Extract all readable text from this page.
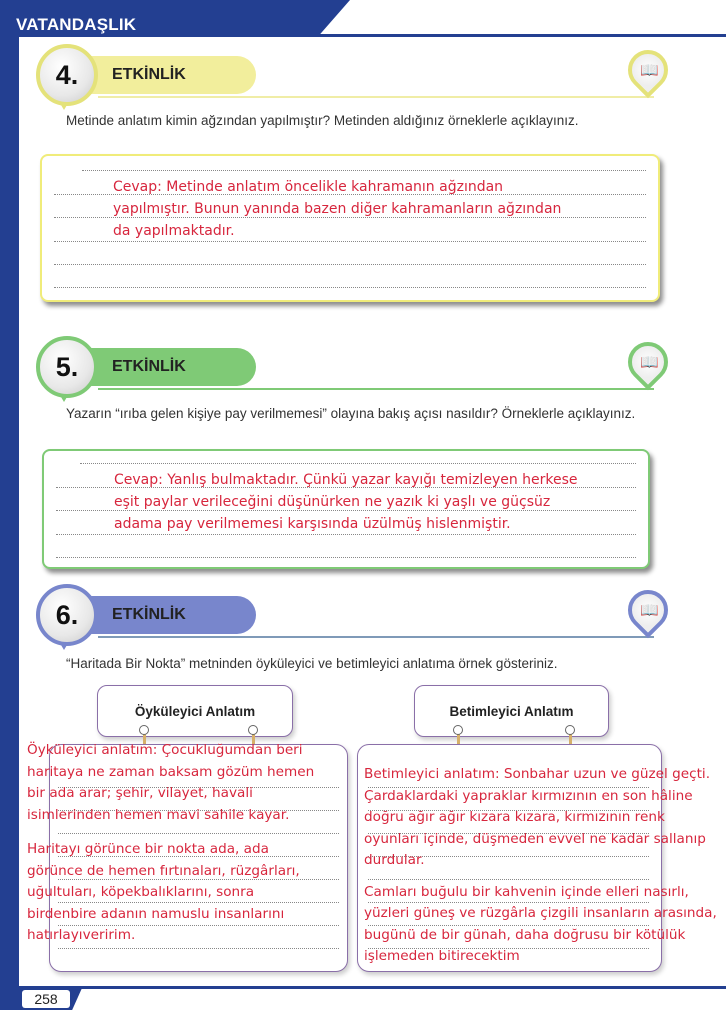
VATANDAŞLIK
ETKİNLİK
4.	📖
Metinde anlatım kimin ağzından yapılmıştır? Metinden aldığınız örneklerle açıklayınız.
Cevap: Metinde anlatım öncelikle kahramanın ağzından
yapılmıştır. Bunun yanında bazen diğer kahramanların ağzından
da yapılmaktadır.
ETKİNLİK
5.	📖
Yazarın “ırıba gelen kişiye pay verilmemesi” olayına bakış açısı nasıldır? Örneklerle açıklayınız.
Cevap: Yanlış bulmaktadır. Çünkü yazar kayığı temizleyen herkese
eşit paylar verileceğini düşünürken ne yazık ki yaşlı ve güçsüz
adama pay verilmemesi karşısında üzülmüş hislenmiştir.
ETKİNLİK
6.	📖
“Haritada Bir Nokta” metninden öyküleyici ve betimleyici anlatıma örnek gösteriniz.
Öyküleyici Anlatım	Betimleyici Anlatım
Öyküleyici anlatım: Çocukluğumdan beri
haritaya ne zaman baksam gözüm hemen
bir ada arar; şehir, vilayet, havali
isimlerinden hemen mavi sahile kayar.
Haritayı görünce bir nokta ada, ada
görünce de hemen fırtınaları, rüzgârları,
uğultuları, köpekbalıklarını, sonra
birdenbire adanın namuslu insanlarını
hatırlayıveririm.
Betimleyici anlatım: Sonbahar uzun ve güzel geçti.
Çardaklardaki yapraklar kırmızının en son hâline
doğru ağır ağır kızara kızara, kırmızının renk
oyunları içinde, düşmeden evvel ne kadar sallanıp
durdular.
Camları buğulu bir kahvenin içinde elleri nasırlı,
yüzleri güneş ve rüzgârla çizgili insanların arasında,
bugünü de bir günah, daha doğrusu bir kötülük
işlemeden bitirecektim
258
